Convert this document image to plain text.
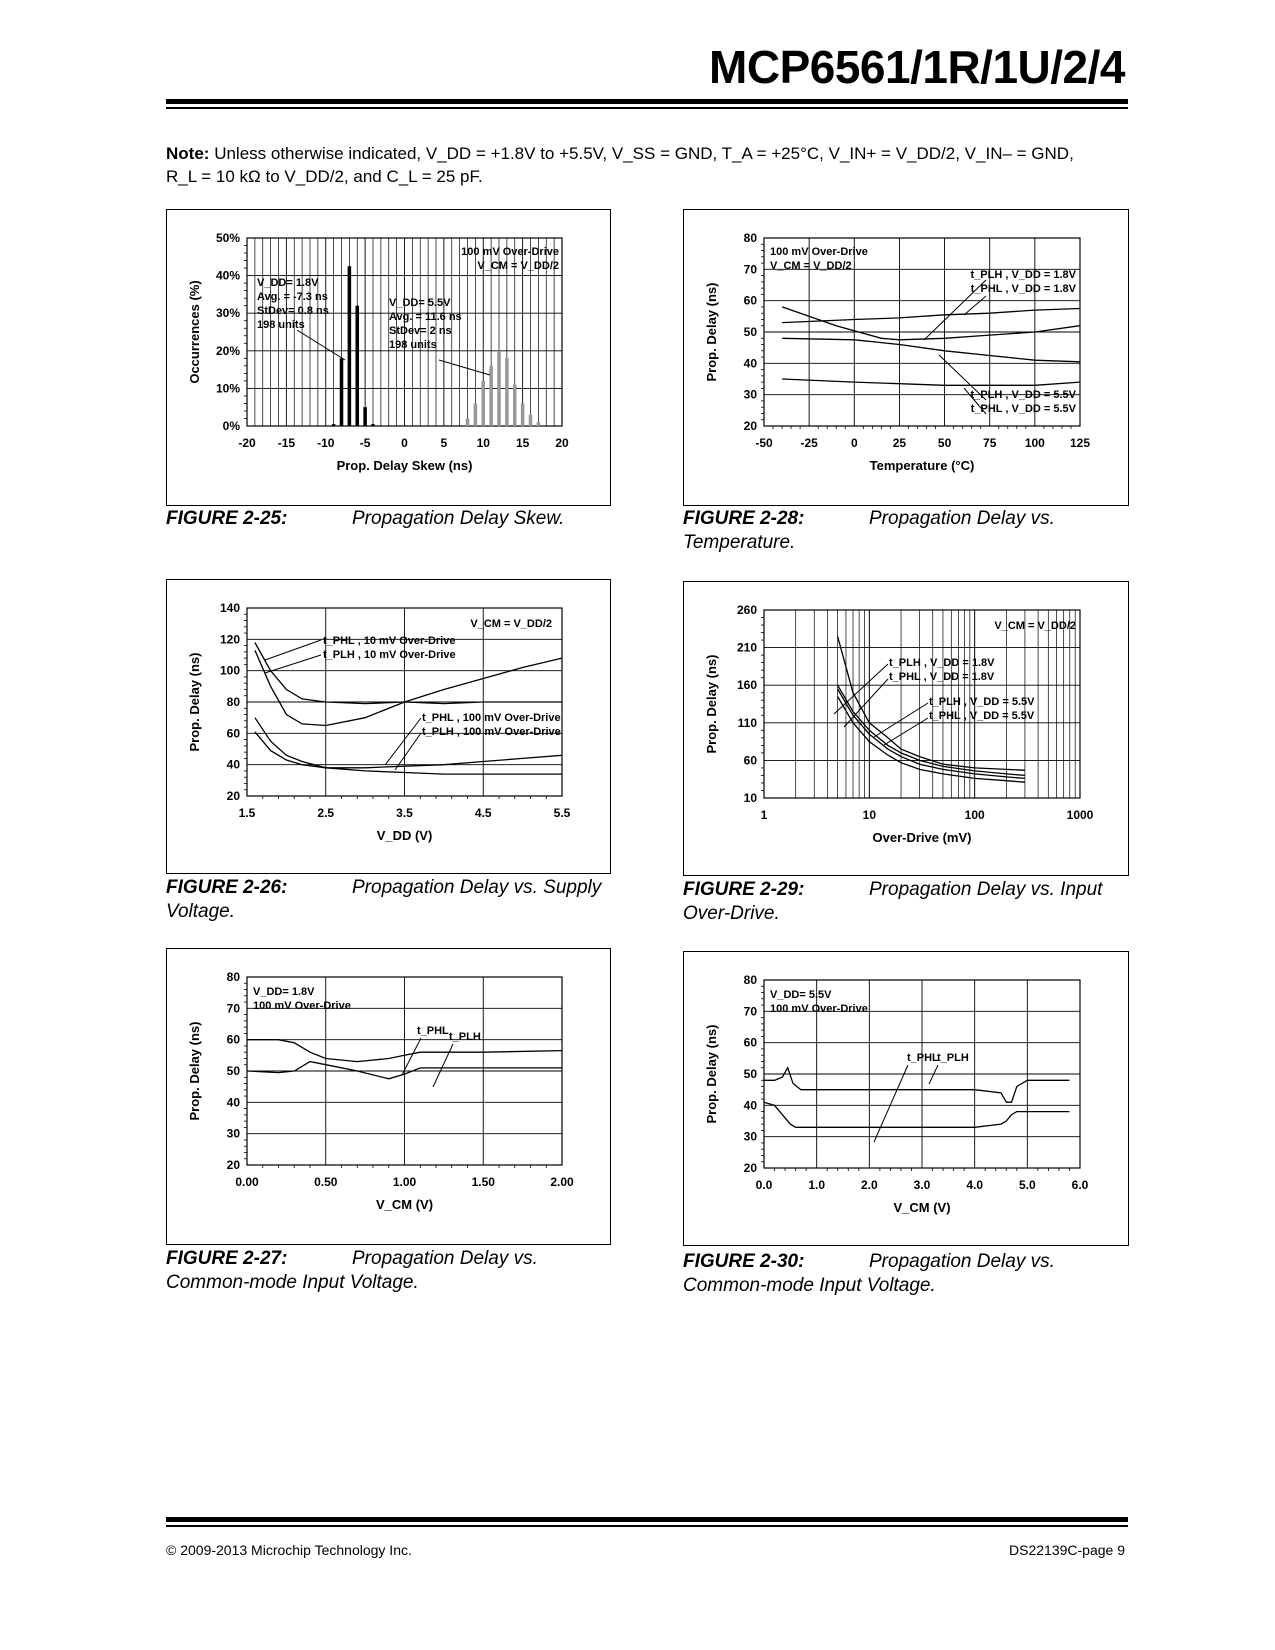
MCP6561/1R/1U/2/4
Note: Unless otherwise indicated, V_DD = +1.8V to +5.5V, V_SS = GND, T_A = +25°C, V_IN+ = V_DD/2, V_IN– = GND,
R_L = 10 kΩ to V_DD/2, and C_L = 25 pF.
0%
10%
20%
30%
40%
50%
-20 -15 -10 -5	0	5 10 15 20
Prop. Delay Skew (ns)
Occurrences (%)
100 mV Over-Drive
V_CM = V_DD/2
V_DD= 1.8V
Avg. = -7.3 ns
StDev= 0.8 ns
198 units
V_DD= 5.5V
Avg. = 11.6 ns
StDev= 2 ns
198 units
20
30
40
50
60
70
80
-50 -25	0	25	50	75 100 125
Temperature (°C)
Prop. Delay (ns)
100 mV Over-Drive
V_CM = V_DD/2
t_PLH , V_DD = 1.8V
t_PHL , V_DD = 1.8V
t_PLH , V_DD = 5.5V
t_PHL , V_DD = 5.5V
20
40
60
80
100
120
140
1.5	2.5	3.5	4.5	5.5
V_DD (V)
Prop. Delay (ns)
V_CM = V_DD/2
t_PHL , 10 mV Over-Drive
t_PLH , 10 mV Over-Drive
t_PHL , 100 mV Over-Drive
t_PLH , 100 mV Over-Drive
10
60
110
160
210
260
1	10	100	1000
Over-Drive (mV)
Prop. Delay (ns)
V_CM = V_DD/2
t_PLH , V_DD = 1.8V
t_PHL , V_DD = 1.8V
t_PLH , V_DD = 5.5V
t_PHL , V_DD = 5.5V
20
30
40
50
60
70
80
0.00	0.50	1.00	1.50	2.00
V_CM (V)
Prop. Delay (ns)
V_DD= 1.8V
100 mV Over-Drive
t_PHL t_PLH
20
30
40
50
60
70
80
0.0	1.0	2.0	3.0	4.0	5.0	6.0
V_CM (V)
Prop. Delay (ns)
V_DD= 5.5V
100 mV Over-Drive
t_PHL
t_PLH
FIGURE 2-25:	Propagation Delay Skew.	FIGURE 2-28:	Propagation Delay vs. Temperature.
FIGURE 2-26:	Propagation Delay vs. Supply Voltage.
FIGURE 2-29:	Propagation Delay vs. Input Over-Drive.
FIGURE 2-27:	Propagation Delay vs. Common-mode Input Voltage.
FIGURE 2-30:	Propagation Delay vs. Common-mode Input Voltage.
© 2009-2013 Microchip Technology Inc.	DS22139C-page 9
